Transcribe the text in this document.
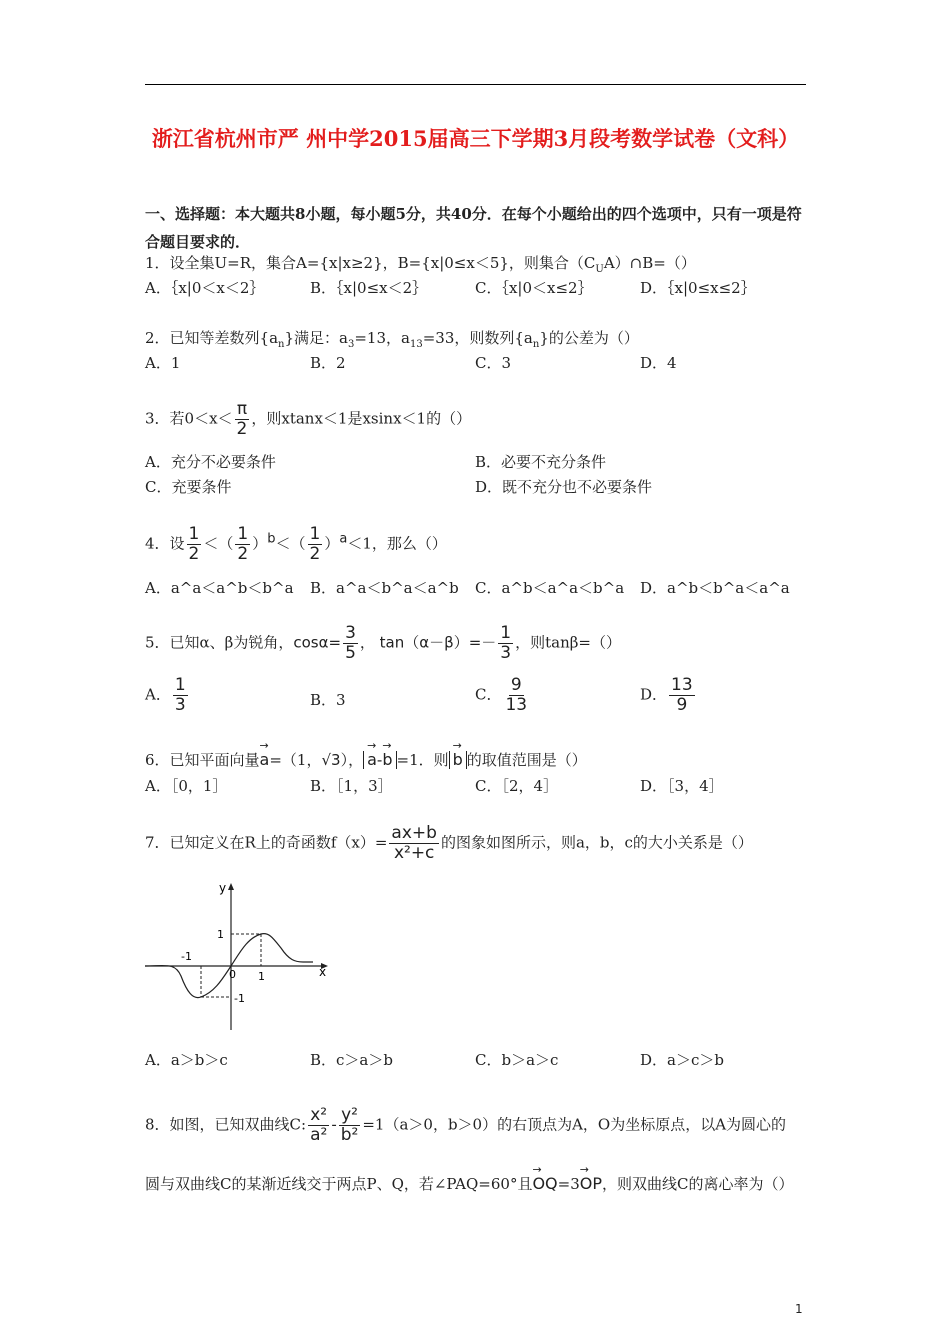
浙江省杭州市严 州中学2015届高三下学期3月段考数学试卷（文科）
一、选择题：本大题共8小题，每小题5分，共40分．在每个小题给出的四个选项中，只有一项是符合题目要求的．
1．设全集U=R，集合A={x|x≥2}，B={x|0≤x＜5}，则集合$(C_UA)\cap B=()$
A．｛x|0＜x＜2｝	B．｛x|0≤x＜2｝	C．｛x|0＜x≤2｝	D．｛x|0≤x≤2｝
2．已知等差数列$\{a_n\}$满足：$a_3=13$，$a_{13}=33$，则数列$\{a_n\}$的公差为（）
A．1	B．2	C．3	D．4
3．若$0<x< \frac{\pi}{2}$ ，则xtanx＜1是xsinx＜1的（）
A．充分不必要条件	B．必要不充分条件
C．充要条件	D．既不充分也不必要条件
4．设 $\frac{1}{2}$ ＜（ $\frac{1}{2} )^b<( \frac{1}{2} )^a<1$，那么（）
A．a^a＜a^b＜b^a B．a^a＜b^a＜a^b C．a^b＜a^a＜b^a D．a^b＜b^a＜a^a
5．已知α、β为锐角，$\cos\alpha= \frac{3}{5}$ ， $\tan(\alpha-\beta)=- \frac{1}{3}$ ，则tanβ=（）
A． $\frac{1}{3}$	B．3	C． $\frac{9}{13}$	D． $\frac{13}{9}$
6．已知平面向量→ a=（1，√3）， → a-→ b =1．则 → b 的取值范围是（）
A．［0，1］	B．［1，3］	C．［2，4］	D．［3，4］
7．已知定义在R上的奇函数$f(x)= \frac{ax+b}{\text{x²+c}}$ 的图象如图所示，则a，b，c的大小关系是（）
y
x
0 1
-1
1
-1
A．a＞b＞c	B．c＞a＞b	C．b＞a＞c	D．a＞c＞b
8．如图，已知双曲线C: $\frac{\text{x²}}{\text{a²}} - \frac{\text{y²}}{\text{b²}} =1(a>0$，b＞0）的右顶点为A，O为坐标原点，以A为圆心的
圆与双曲线C的某渐近线交于两点P、Q，若∠PAQ=60°且→ OQ=3→ OP，则双曲线C的离心率为（）
1
